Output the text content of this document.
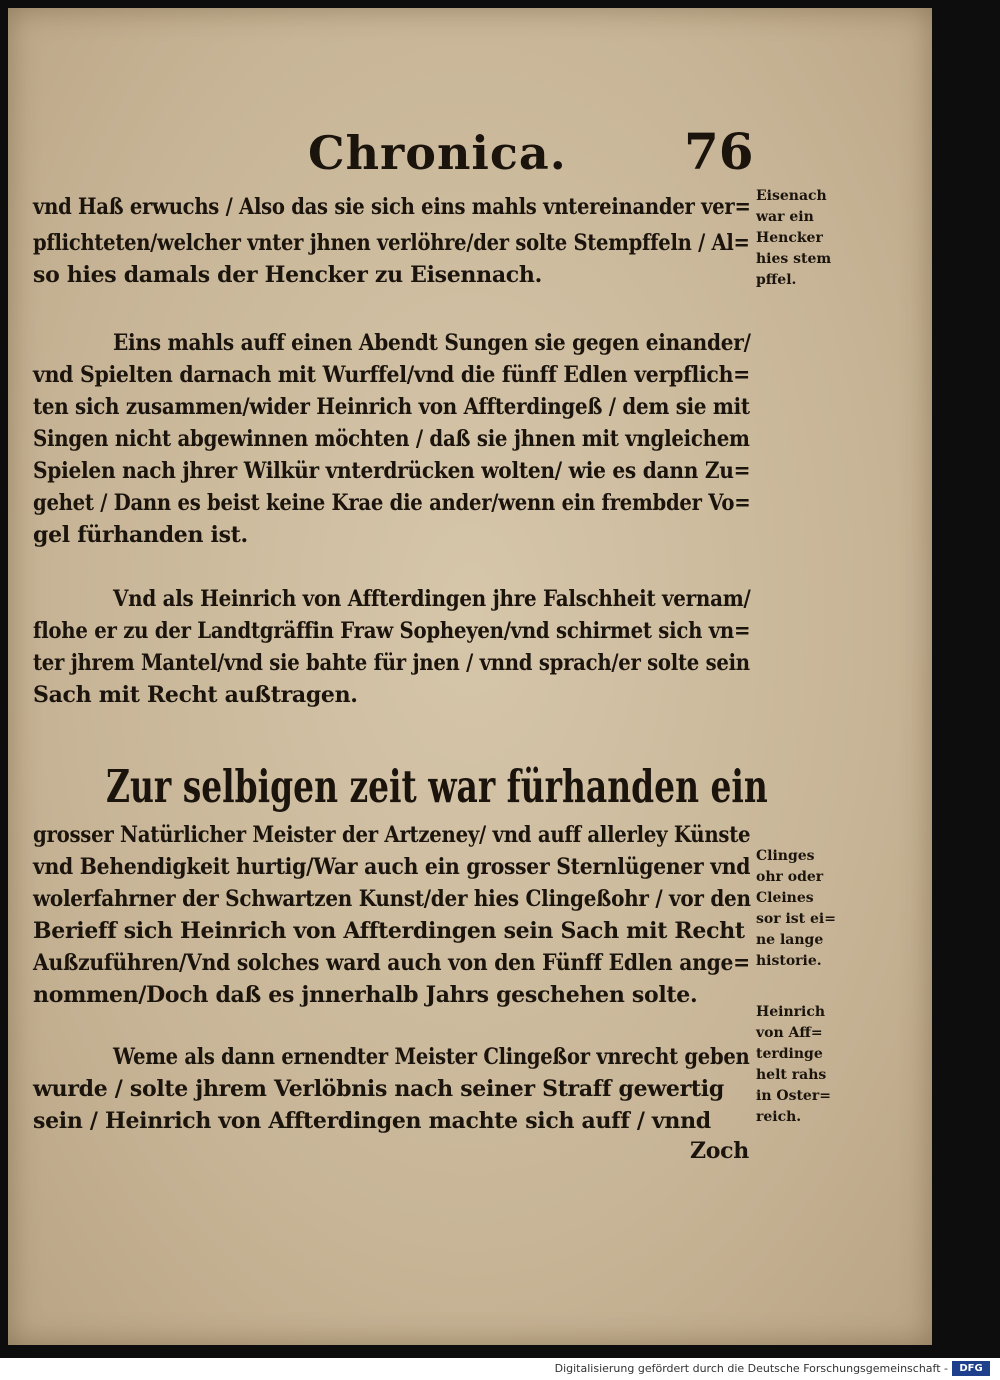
Chronica. 76
vnd Haß erwuchs / Also das sie sich eins mahls vntereinander ver=
pflichteten/welcher vnter jhnen verlöhre/der solte Stempffeln / Al=
so hies damals der Hencker zu Eisennach.
Eins mahls auff einen Abendt Sungen sie gegen einander/
vnd Spielten darnach mit Wurffel/vnd die fünff Edlen verpflich=
ten sich zusammen/wider Heinrich von Affterdingeß / dem sie mit
Singen nicht abgewinnen möchten / daß sie jhnen mit vngleichem
Spielen nach jhrer Wilkür vnterdrücken wolten/ wie es dann Zu=
gehet / Dann es beist keine Krae die ander/wenn ein frembder Vo=
gel fürhanden ist.
Vnd als Heinrich von Affterdingen jhre Falschheit vernam/
flohe er zu der Landtgräffin Fraw Sopheyen/vnd schirmet sich vn=
ter jhrem Mantel/vnd sie bahte für jnen / vnnd sprach/er solte sein
Sach mit Recht außtragen.
Zur selbigen zeit war fürhanden ein
grosser Natürlicher Meister der Artzeney/ vnd auff allerley Künste
vnd Behendigkeit hurtig/War auch ein grosser Sternlügener vnd
wolerfahrner der Schwartzen Kunst/der hies Clingeßohr / vor den
Berieff sich Heinrich von Affterdingen sein Sach mit Recht
Außzuführen/Vnd solches ward auch von den Fünff Edlen ange=
nommen/Doch daß es jnnerhalb Jahrs geschehen solte.
Weme als dann ernendter Meister Clingeßor vnrecht geben
wurde / solte jhrem Verlöbnis nach seiner Straff gewertig
sein / Heinrich von Affterdingen machte sich auff / vnnd
Zoch
Eisenach
war ein
Hencker
hies stem
pffel.
Clinges
ohr oder
Cleines
sor ist ei=
ne lange
historie.
Heinrich
von Aff=
terdinge
helt rahs
in Oster=
reich.
Digitalisierung gefördert durch die Deutsche Forschungsgemeinschaft -	DFG
